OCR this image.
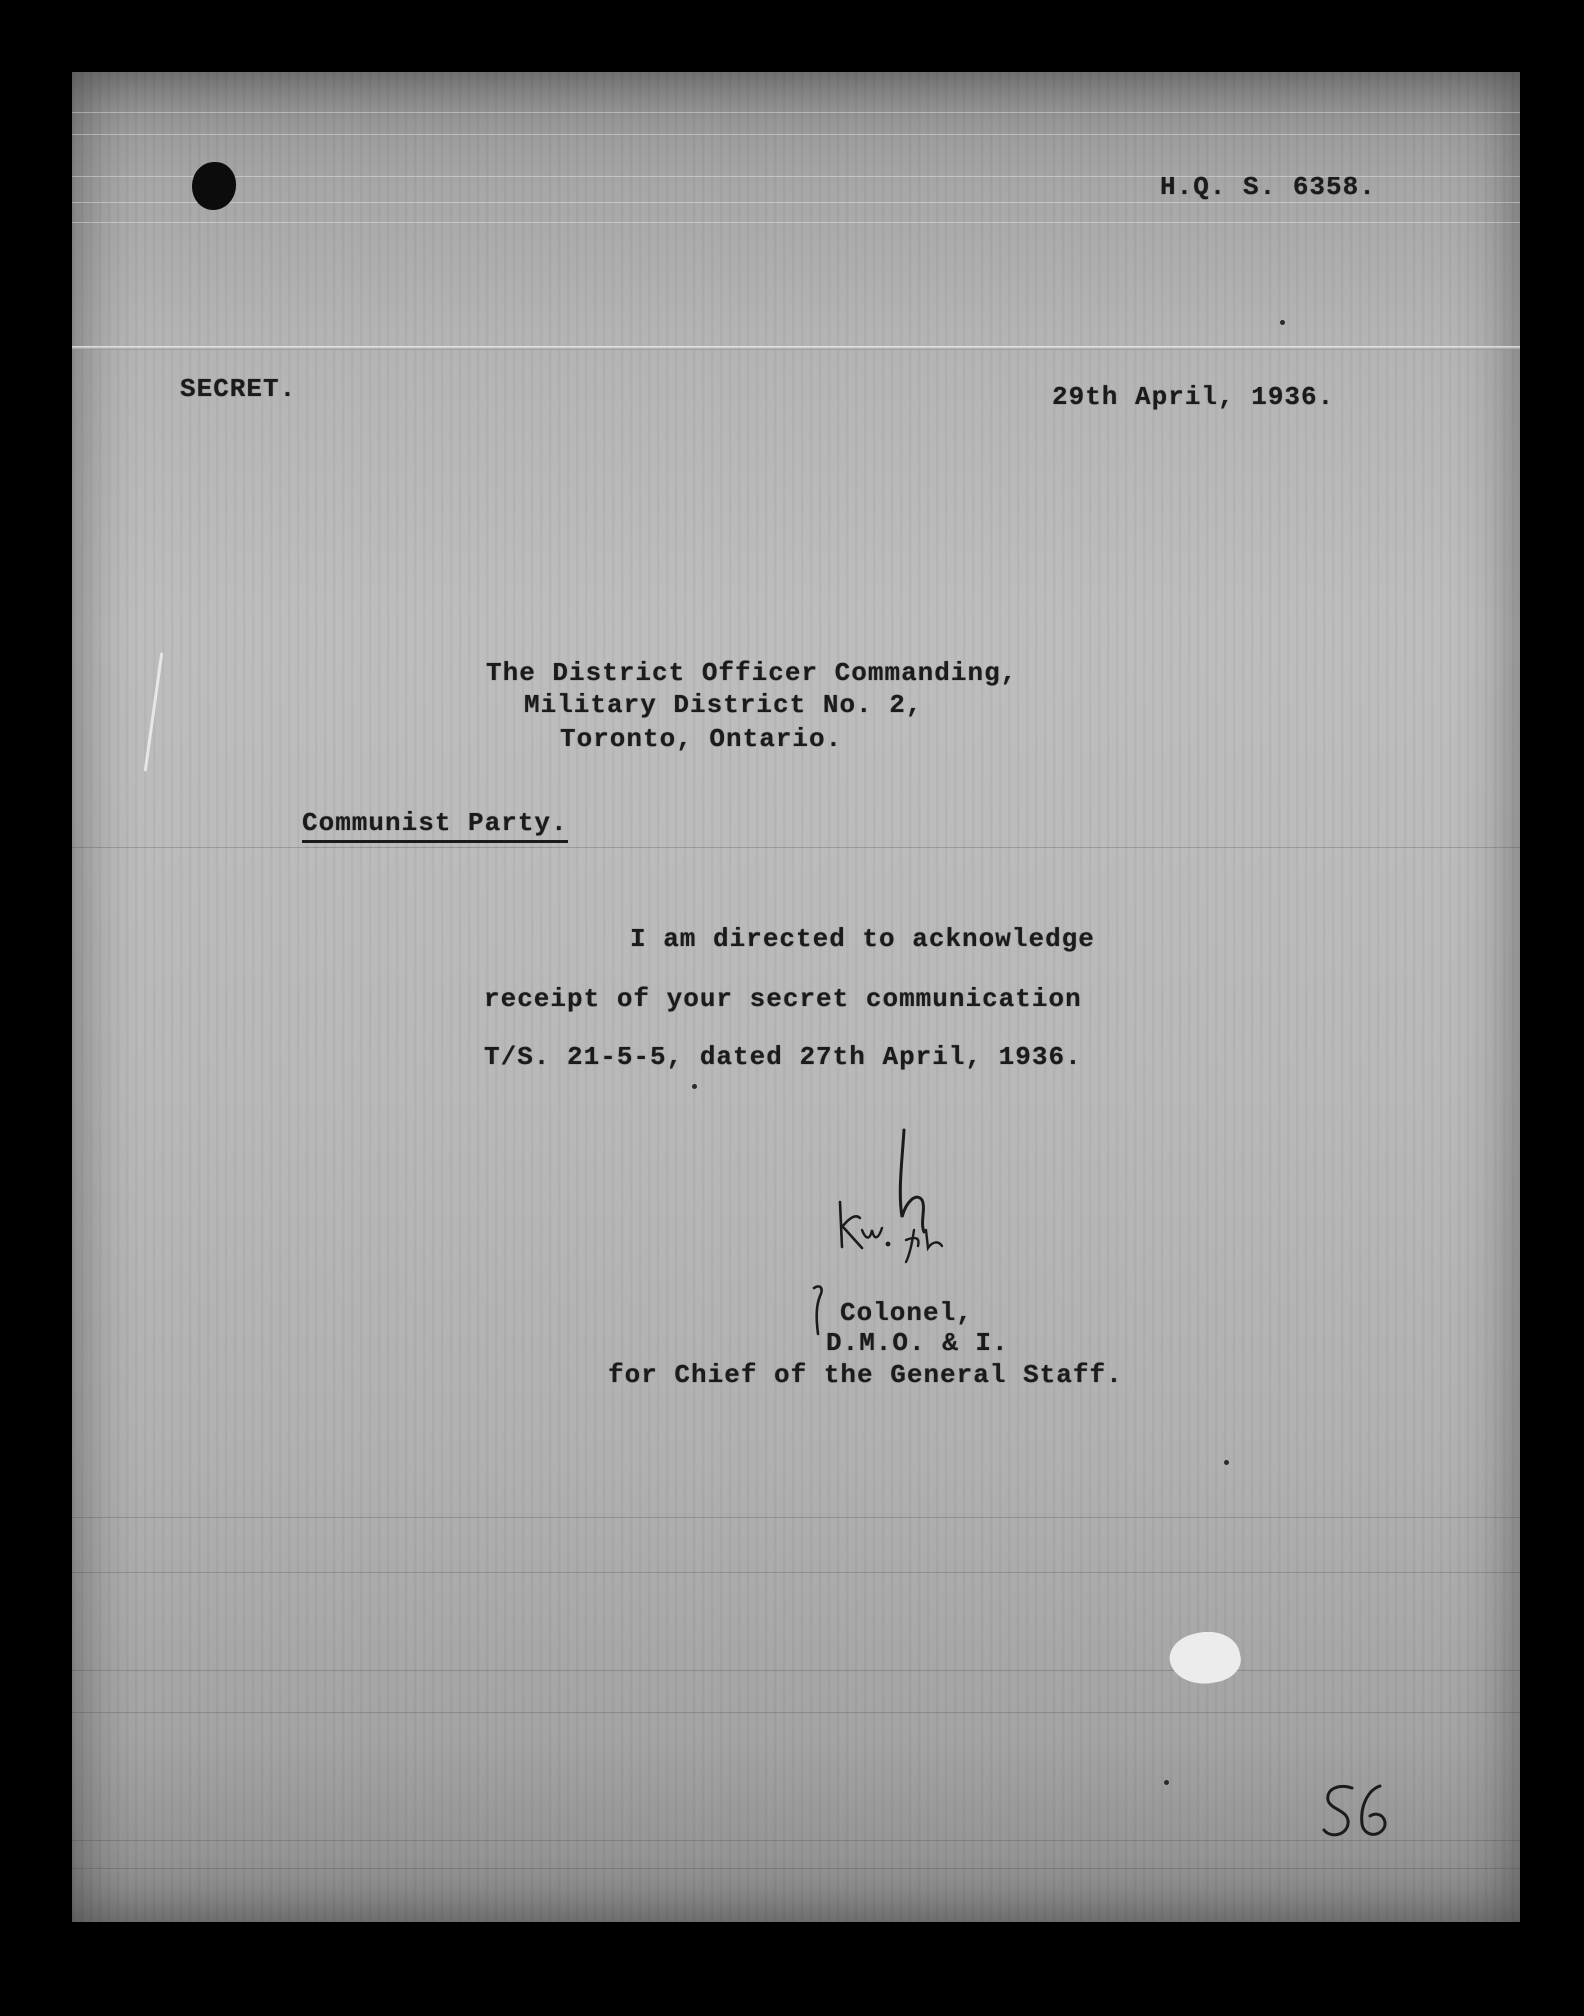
H.Q. S. 6358.
SECRET.	29th April, 1936.
The District Officer Commanding,
Military District No. 2,
Toronto, Ontario.
Communist Party.
I am directed to acknowledge
receipt of your secret communication
T/S. 21-5-5, dated 27th April, 1936.
Colonel,
D.M.O. & I.
for Chief of the General Staff.
